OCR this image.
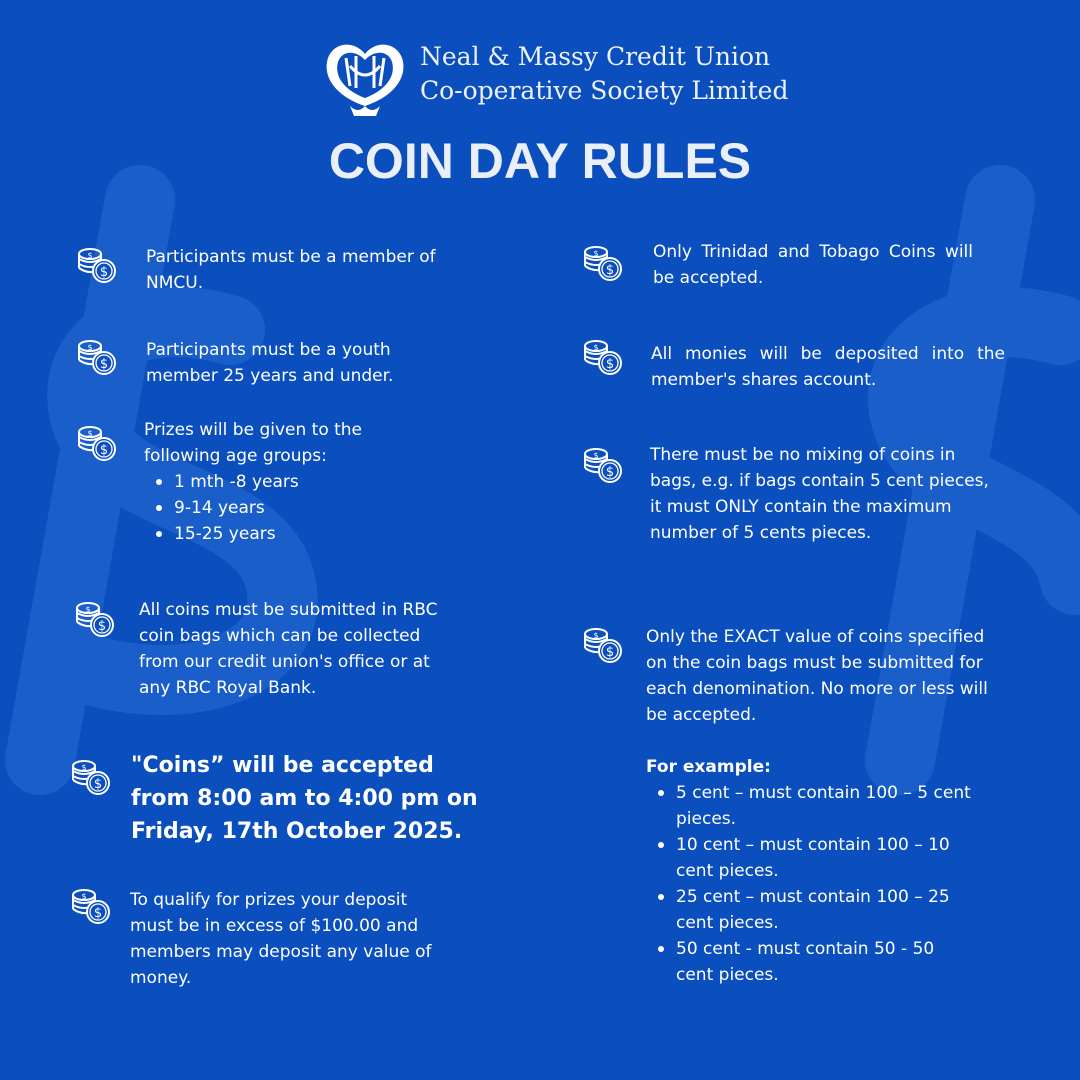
Neal & Massy Credit Union
Co-operative Society Limited
COIN DAY RULES
Participants must be a member of NMCU.
Participants must be a youth member 25 years and under.
Prizes will be given to the following age groups:
1 mth -8 years
9-14 years
15-25 years
All coins must be submitted in RBC coin bags which can be collected from our credit union's office or at any RBC Royal Bank.
"Coins” will be accepted from 8:00 am to 4:00 pm on Friday, 17th October 2025.
To qualify for prizes your deposit must be in excess of $100.00 and members may deposit any value of money.
Only Trinidad and Tobago Coins will be accepted.
All monies will be deposited into the member's shares account.
There must be no mixing of coins in bags, e.g. if bags contain 5 cent pieces, it must ONLY contain the maximum number of 5 cents pieces.
Only the EXACT value of coins specified on the coin bags must be submitted for each denomination. No more or less will be accepted.
For example:
5 cent – must contain 100 – 5 cent pieces.
10 cent – must contain 100 – 10 cent pieces.
25 cent – must contain 100 – 25 cent pieces.
50 cent - must contain 50 - 50 cent pieces.
